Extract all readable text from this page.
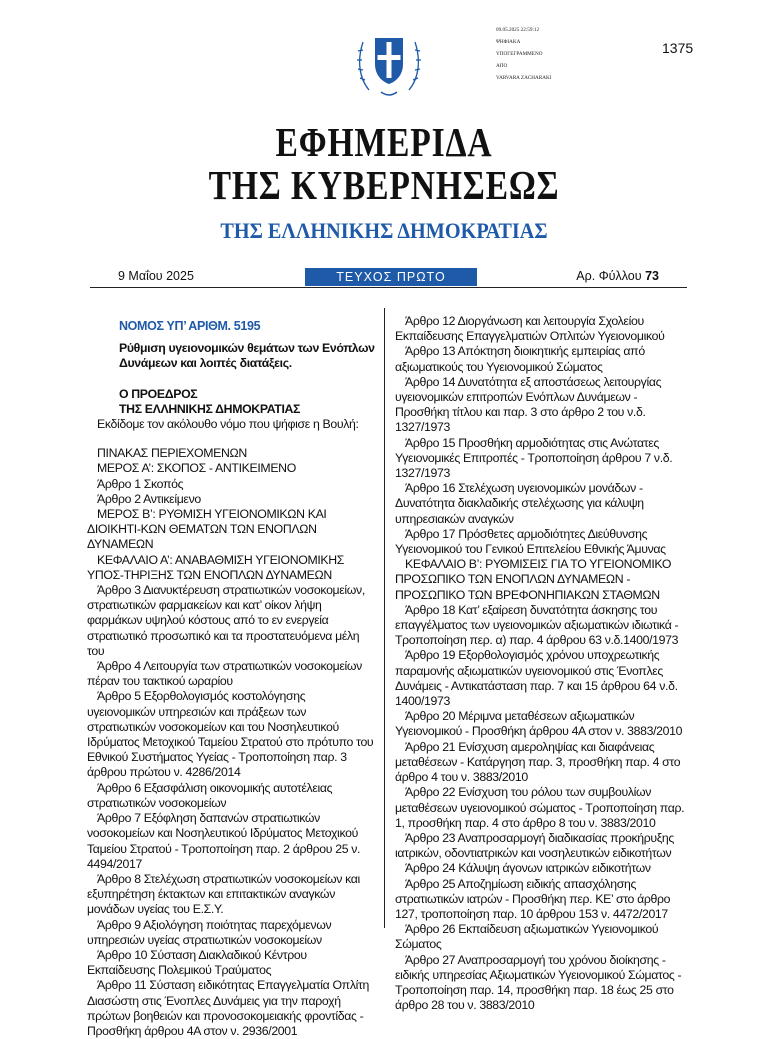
09.05.2025 22:59:12
ΨΗΦΙΑΚΑ
ΥΠΟΓΕΓΡΑΜΜΕΝΟ
ΑΠΟ
VARVARA ZACHARAKI
1375
ΕΦΗΜΕΡΙΔΑ
ΤΗΣ ΚΥΒΕΡΝΗΣΕΩΣ
ΤΗΣ ΕΛΛΗΝΙΚΗΣ ΔΗΜΟΚΡΑΤΙΑΣ
9 Μαΐου 2025	ΤΕΥΧΟΣ ΠΡΩΤΟ	Αρ. Φύλλου 73

ΝΟΜΟΣ ΥΠ’ ΑΡΙΘΜ. 5195

Ρύθμιση υγειονομικών θεμάτων των Ενόπλων

Δυνάμεων και λοιπές διατάξεις.

Ο ΠΡΟΕΔΡΟΣ

ΤΗΣ ΕΛΛΗΝΙΚΗΣ ΔΗΜΟΚΡΑΤΙΑΣ

Εκδίδομε τον ακόλουθο νόμο που ψήφισε η Βουλή:

ΠΙΝΑΚΑΣ ΠΕΡΙΕΧΟΜΕΝΩΝ

ΜΕΡΟΣ Α’: ΣΚΟΠΟΣ - ΑΝΤΙΚΕΙΜΕΝΟ

Άρθρο 1 Σκοπός

Άρθρο 2 Αντικείμενο

ΜΕΡΟΣ Β’: ΡΥΘΜΙΣΗ ΥΓΕΙΟΝΟΜΙΚΩΝ ΚΑΙ ΔΙΟΙΚΗΤΙ-ΚΩΝ ΘΕΜΑΤΩΝ ΤΩΝ ΕΝΟΠΛΩΝ ΔΥΝΑΜΕΩΝ

ΚΕΦΑΛΑΙΟ Α’: ΑΝΑΒΑΘΜΙΣΗ ΥΓΕΙΟΝΟΜΙΚΗΣ ΥΠΟΣ-ΤΗΡΙΞΗΣ ΤΩΝ ΕΝΟΠΛΩΝ ΔΥΝΑΜΕΩΝ

Άρθρο 3 Διανυκτέρευση στρατιωτικών νοσοκομείων, στρατιωτικών φαρμακείων και κατ’ οίκον λήψη φαρμάκων υψηλού κόστους από το εν ενεργεία στρατιωτικό προσωπικό και τα προστατευόμενα μέλη του

Άρθρο 4 Λειτουργία των στρατιωτικών νοσοκομείων πέραν του τακτικού ωραρίου

Άρθρο 5 Εξορθολογισμός κοστολόγησης υγειονομικών υπηρεσιών και πράξεων των στρατιωτικών νοσοκομείων και του Νοσηλευτικού Ιδρύματος Μετοχικού Ταμείου Στρατού στο πρότυπο του Εθνικού Συστήματος Υγείας - Τροποποίηση παρ. 3 άρθρου πρώτου ν. 4286/2014

Άρθρο 6 Εξασφάλιση οικονομικής αυτοτέλειας στρατιωτικών νοσοκομείων

Άρθρο 7 Εξόφληση δαπανών στρατιωτικών νοσοκομείων και Νοσηλευτικού Ιδρύματος Μετοχικού Ταμείου Στρατού - Τροποποίηση παρ. 2 άρθρου 25 ν. 4494/2017

Άρθρο 8 Στελέχωση στρατιωτικών νοσοκομείων και εξυπηρέτηση έκτακτων και επιτακτικών αναγκών μονάδων υγείας του Ε.Σ.Υ.

Άρθρο 9 Αξιολόγηση ποιότητας παρεχόμενων υπηρεσιών υγείας στρατιωτικών νοσοκομείων

Άρθρο 10 Σύσταση Διακλαδικού Κέντρου Εκπαίδευσης Πολεμικού Τραύματος

Άρθρο 11 Σύσταση ειδικότητας Επαγγελματία Οπλίτη Διασώστη στις Ένοπλες Δυνάμεις για την παροχή πρώτων βοηθειών και προνοσοκομειακής φροντίδας - Προσθήκη άρθρου 4Α στον ν. 2936/2001

Άρθρο 12 Διοργάνωση και λειτουργία Σχολείου Εκπαίδευσης Επαγγελματιών Οπλιτών Υγειονομικού

Άρθρο 13 Απόκτηση διοικητικής εμπειρίας από αξιωματικούς του Υγειονομικού Σώματος

Άρθρο 14 Δυνατότητα εξ αποστάσεως λειτουργίας υγειονομικών επιτροπών Ενόπλων Δυνάμεων - Προσθήκη τίτλου και παρ. 3 στο άρθρο 2 του ν.δ. 1327/1973

Άρθρο 15 Προσθήκη αρμοδιότητας στις Ανώτατες Υγειονομικές Επιτροπές - Τροποποίηση άρθρου 7 ν.δ. 1327/1973

Άρθρο 16 Στελέχωση υγειονομικών μονάδων - Δυνατότητα διακλαδικής στελέχωσης για κάλυψη υπηρεσιακών αναγκών

Άρθρο 17 Πρόσθετες αρμοδιότητες Διεύθυνσης Υγειονομικού του Γενικού Επιτελείου Εθνικής Άμυνας

ΚΕΦΑΛΑΙΟ Β’: ΡΥΘΜΙΣΕΙΣ ΓΙΑ ΤΟ ΥΓΕΙΟΝΟΜΙΚΟ ΠΡΟΣΩΠΙΚΟ ΤΩΝ ΕΝΟΠΛΩΝ ΔΥΝΑΜΕΩΝ - ΠΡΟΣΩΠΙΚΟ ΤΩΝ ΒΡΕΦΟΝΗΠΙΑΚΩΝ ΣΤΑΘΜΩΝ

Άρθρο 18 Κατ’ εξαίρεση δυνατότητα άσκησης του επαγγέλματος των υγειονομικών αξιωματικών ιδιωτικά - Τροποποίηση περ. α) παρ. 4 άρθρου 63 ν.δ.1400/1973

Άρθρο 19 Εξορθολογισμός χρόνου υποχρεωτικής παραμονής αξιωματικών υγειονομικού στις Ένοπλες Δυνάμεις - Αντικατάσταση παρ. 7 και 15 άρθρου 64 ν.δ. 1400/1973

Άρθρο 20 Μέριμνα μεταθέσεων αξιωματικών Υγειονομικού - Προσθήκη άρθρου 4Α στον ν. 3883/2010

Άρθρο 21 Ενίσχυση αμεροληψίας και διαφάνειας μεταθέσεων - Κατάργηση παρ. 3, προσθήκη παρ. 4 στο άρθρο 4 του ν. 3883/2010

Άρθρο 22 Ενίσχυση του ρόλου των συμβουλίων μεταθέσεων υγειονομικού σώματος - Τροποποίηση παρ. 1, προσθήκη παρ. 4 στο άρθρο 8 του ν. 3883/2010

Άρθρο 23 Αναπροσαρμογή διαδικασίας προκήρυξης ιατρικών, οδοντιατρικών και νοσηλευτικών ειδικοτήτων

Άρθρο 24 Κάλυψη άγονων ιατρικών ειδικοτήτων

Άρθρο 25 Αποζημίωση ειδικής απασχόλησης στρατιωτικών ιατρών - Προσθήκη περ. ΚΕ’ στο άρθρο 127, τροποποίηση παρ. 10 άρθρου 153 ν. 4472/2017

Άρθρο 26 Εκπαίδευση αξιωματικών Υγειονομικού Σώματος

Άρθρο 27 Αναπροσαρμογή του χρόνου διοίκησης - ειδικής υπηρεσίας Αξιωματικών Υγειονομικού Σώματος - Τροποποίηση παρ. 14, προσθήκη παρ. 18 έως 25 στο άρθρο 28 του ν. 3883/2010
